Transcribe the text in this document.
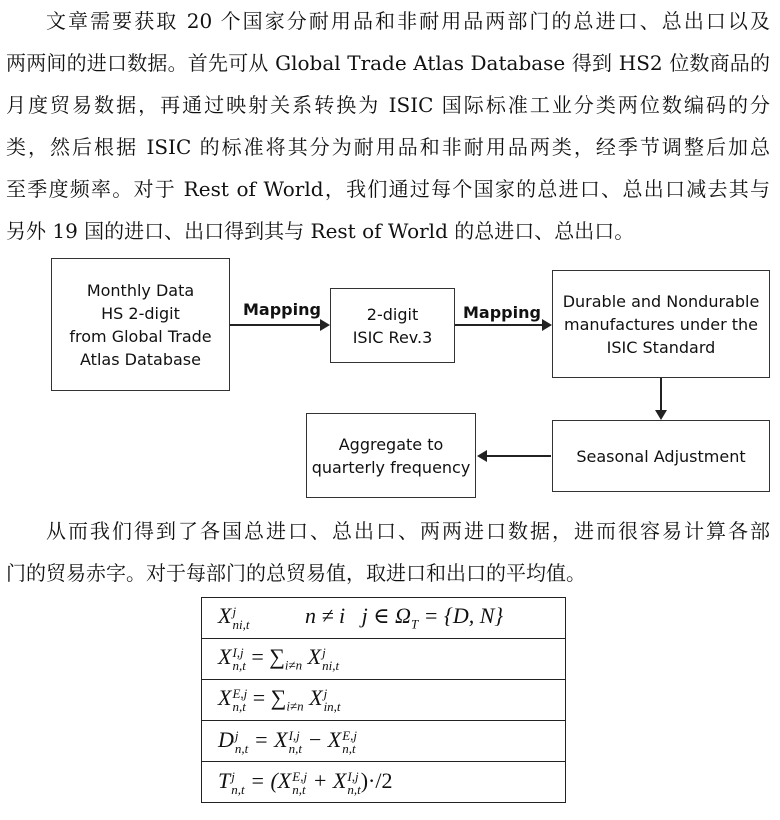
文章需要获取 20 个国家分耐用品和非耐用品两部门的总进口、总出口以及
两两间的进口数据。首先可从 Global Trade Atlas Database 得到 HS2 位数商品的
月度贸易数据，再通过映射关系转换为 ISIC 国际标准工业分类两位数编码的分
类，然后根据 ISIC 的标准将其分为耐用品和非耐用品两类，经季节调整后加总
至季度频率。对于 Rest of World，我们通过每个国家的总进口、总出口减去其与
另外 19 国的进口、出口得到其与 Rest of World 的总进口、总出口。
Monthly Data
HS 2-digit
from Global Trade
Atlas Database
2-digit
ISIC Rev.3
Durable and Nondurable
manufactures under the
ISIC Standard
Seasonal Adjustment
Aggregate to
quarterly frequency
Mapping	Mapping
从而我们得到了各国总进口、总出口、两两进口数据，进而很容易计算各部
门的贸易赤字。对于每部门的总贸易值，取进口和出口的平均值。
X j
ni,t	n ≠ i   j ∈ $\Omega_T = \{D$, N}
X I,j
$n,t = \sum_{i\ne n}$ X j
ni,t

X E,j
$n,t = \sum_{i\ne n}$ X j
in,t

D j
n,t = X I,j
n,t − X E,j
n,t

T j
n,t = (X E,j
n,t + X I,j
n,t )·/2
